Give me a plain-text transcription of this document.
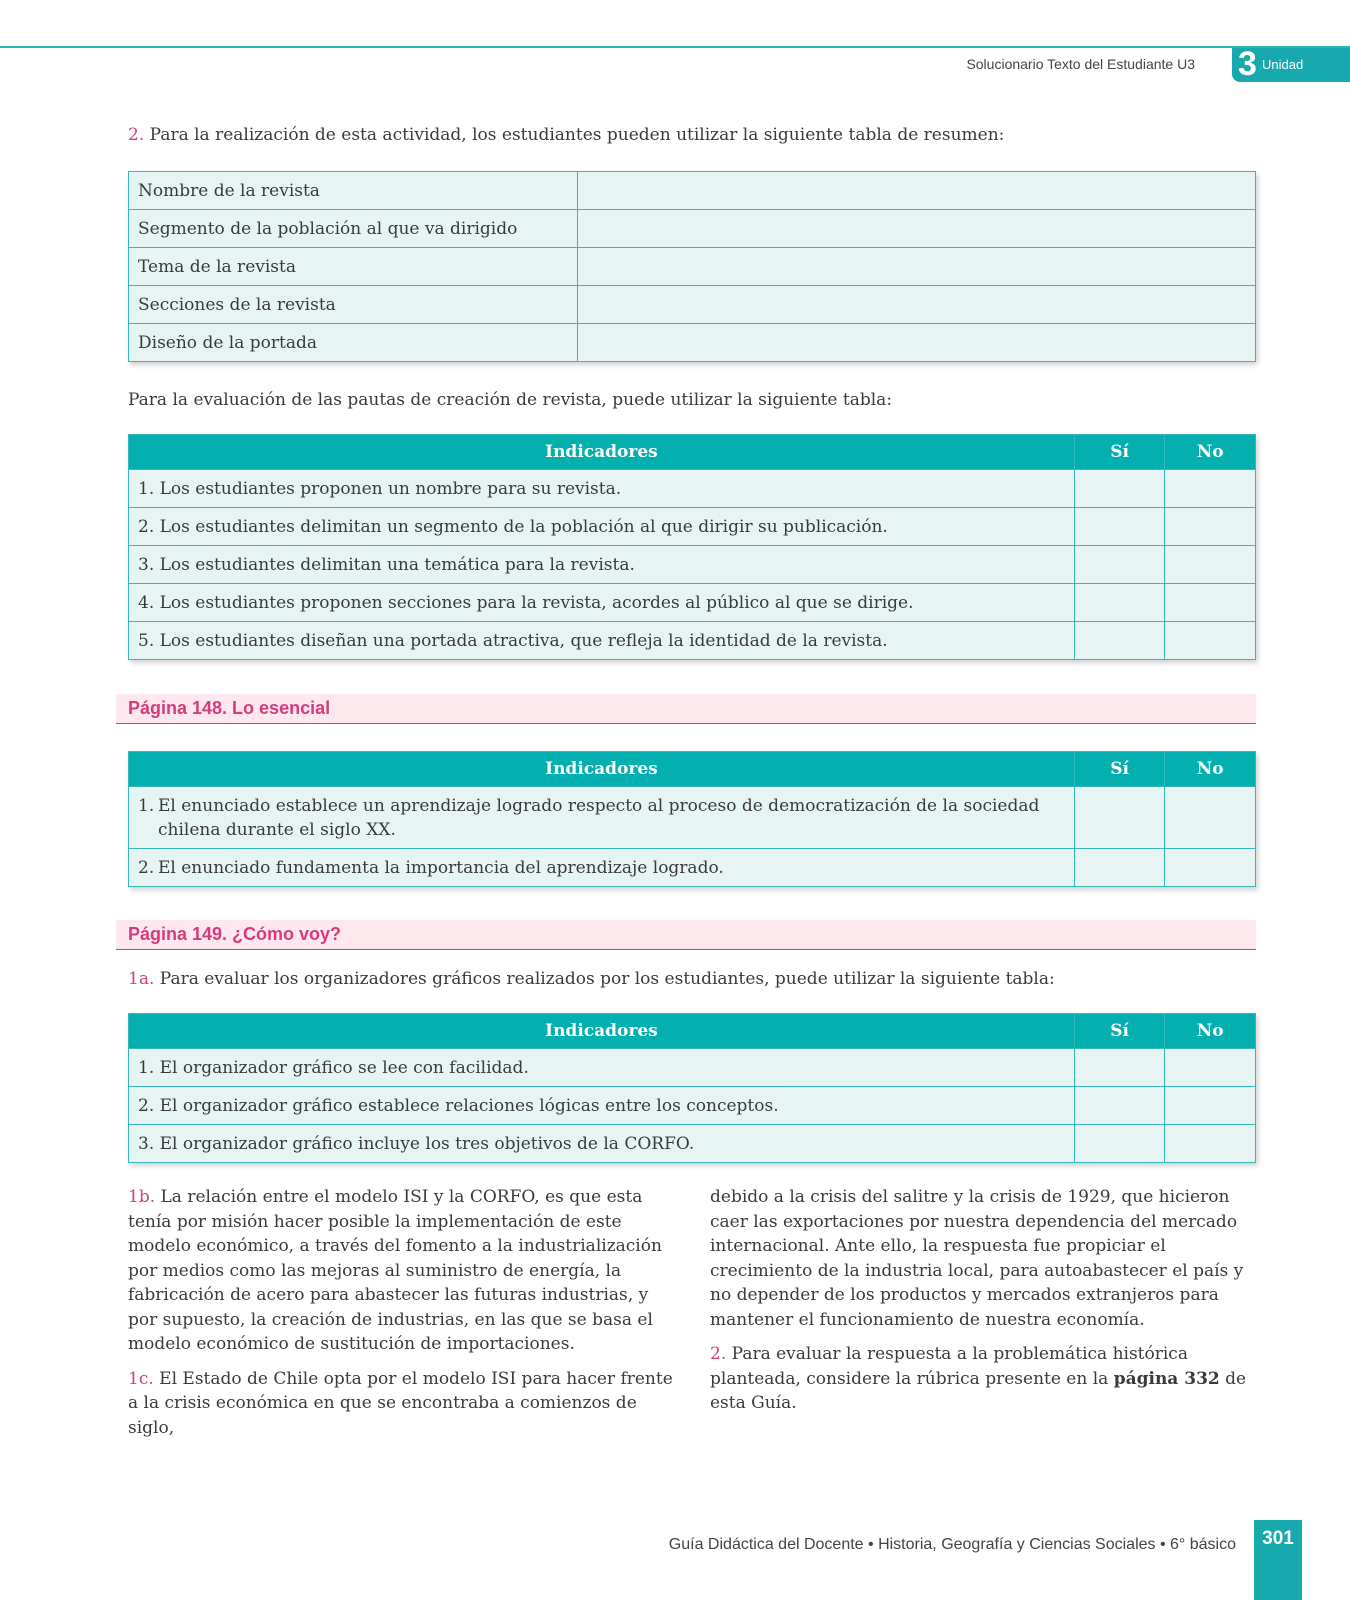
Solucionario Texto del Estudiante U3 3 Unidad
2. Para la realización de esta actividad, los estudiantes pueden utilizar la siguiente tabla de resumen:
Nombre de la revista	
Segmento de la población al que va dirigido	
Tema de la revista	
Secciones de la revista	
Diseño de la portada	
Para la evaluación de las pautas de creación de revista, puede utilizar la siguiente tabla:
Indicadores	Sí	No
1. Los estudiantes proponen un nombre para su revista.		
2. Los estudiantes delimitan un segmento de la población al que dirigir su publicación.		
3. Los estudiantes delimitan una temática para la revista.		
4. Los estudiantes proponen secciones para la revista, acordes al público al que se dirige.		
5. Los estudiantes diseñan una portada atractiva, que refleja la identidad de la revista.		
Página 148. Lo esencial
Indicadores	Sí	No

1. El enunciado establece un aprendizaje logrado respecto al proceso de democratización de la sociedad chilena durante el siglo XX.		

2. El enunciado fundamenta la importancia del aprendizaje logrado.		

Página 149. ¿Cómo voy?
1a. Para evaluar los organizadores gráficos realizados por los estudiantes, puede utilizar la siguiente tabla:
Indicadores	Sí	No
1. El organizador gráfico se lee con facilidad.		
2. El organizador gráfico establece relaciones lógicas entre los conceptos.		
3. El organizador gráfico incluye los tres objetivos de la CORFO.		

1b. La relación entre el modelo ISI y la CORFO, es que esta tenía por misión hacer posible la implementación de este modelo económico, a través del fomento a la industrialización por medios como las mejoras al suministro de energía, la fabricación de acero para abastecer las futuras industrias, y por supuesto, la creación de industrias, en las que se basa el modelo económico de sustitución de importaciones.

1c. El Estado de Chile opta por el modelo ISI para hacer frente a la crisis económica en que se encontraba a comienzos de siglo,

debido a la crisis del salitre y la crisis de 1929, que hicieron caer las exportaciones por nuestra dependencia del mercado internacional. Ante ello, la respuesta fue propiciar el crecimiento de la industria local, para autoabastecer el país y no depender de los productos y mercados extranjeros para mantener el funcionamiento de nuestra economía.

2. Para evaluar la respuesta a la problemática histórica planteada, considere la rúbrica presente en la página 332 de esta Guía.

Guía Didáctica del Docente • Historia, Geografía y Ciencias Sociales • 6° básico	301
